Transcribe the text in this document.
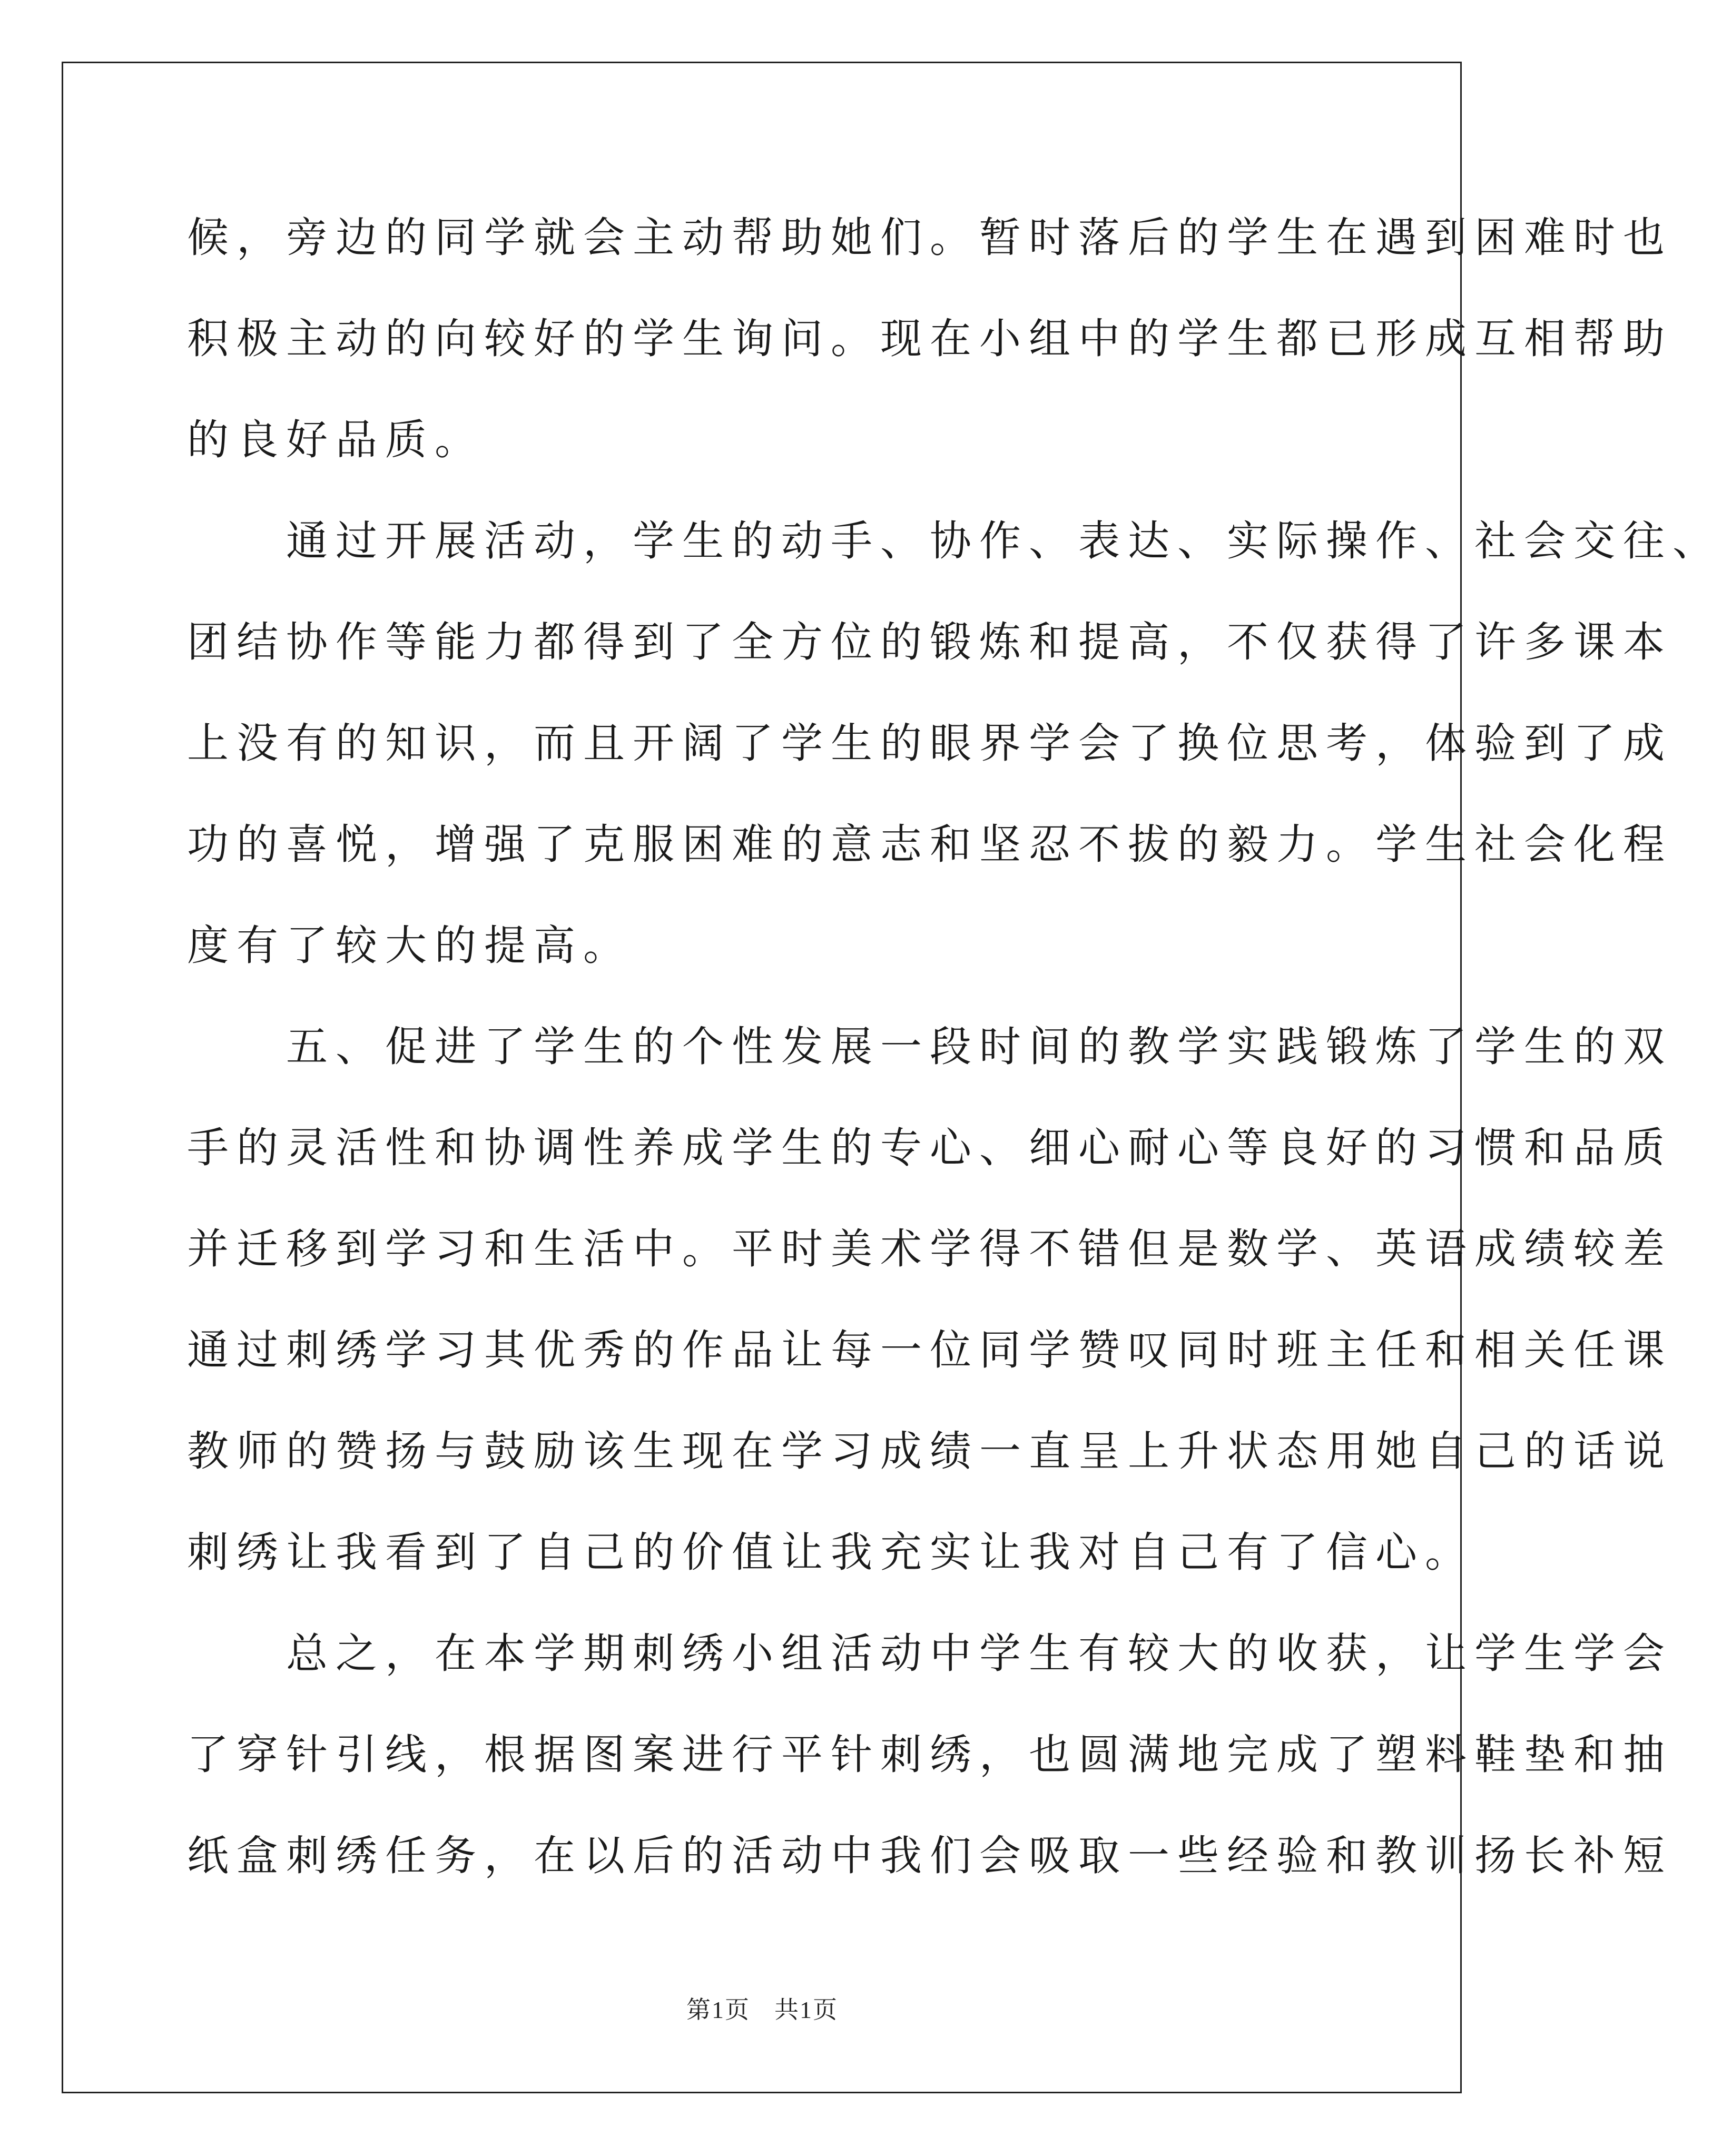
候，旁边的同学就会主动帮助她们。暂时落后的学生在遇到困难时也
积极主动的向较好的学生询问。现在小组中的学生都已形成互相帮助
的良好品质。
　　通过开展活动，学生的动手、协作、表达、实际操作、社会交往、
团结协作等能力都得到了全方位的锻炼和提高，不仅获得了许多课本
上没有的知识，而且开阔了学生的眼界学会了换位思考，体验到了成
功的喜悦，增强了克服困难的意志和坚忍不拔的毅力。学生社会化程
度有了较大的提高。
　　五、促进了学生的个性发展一段时间的教学实践锻炼了学生的双
手的灵活性和协调性养成学生的专心、细心耐心等良好的习惯和品质
并迁移到学习和生活中。平时美术学得不错但是数学、英语成绩较差
通过刺绣学习其优秀的作品让每一位同学赞叹同时班主任和相关任课
教师的赞扬与鼓励该生现在学习成绩一直呈上升状态用她自己的话说
刺绣让我看到了自己的价值让我充实让我对自己有了信心。
　　总之，在本学期刺绣小组活动中学生有较大的收获，让学生学会
了穿针引线，根据图案进行平针刺绣，也圆满地完成了塑料鞋垫和抽
纸盒刺绣任务，在以后的活动中我们会吸取一些经验和教训扬长补短
第1页 共1页
